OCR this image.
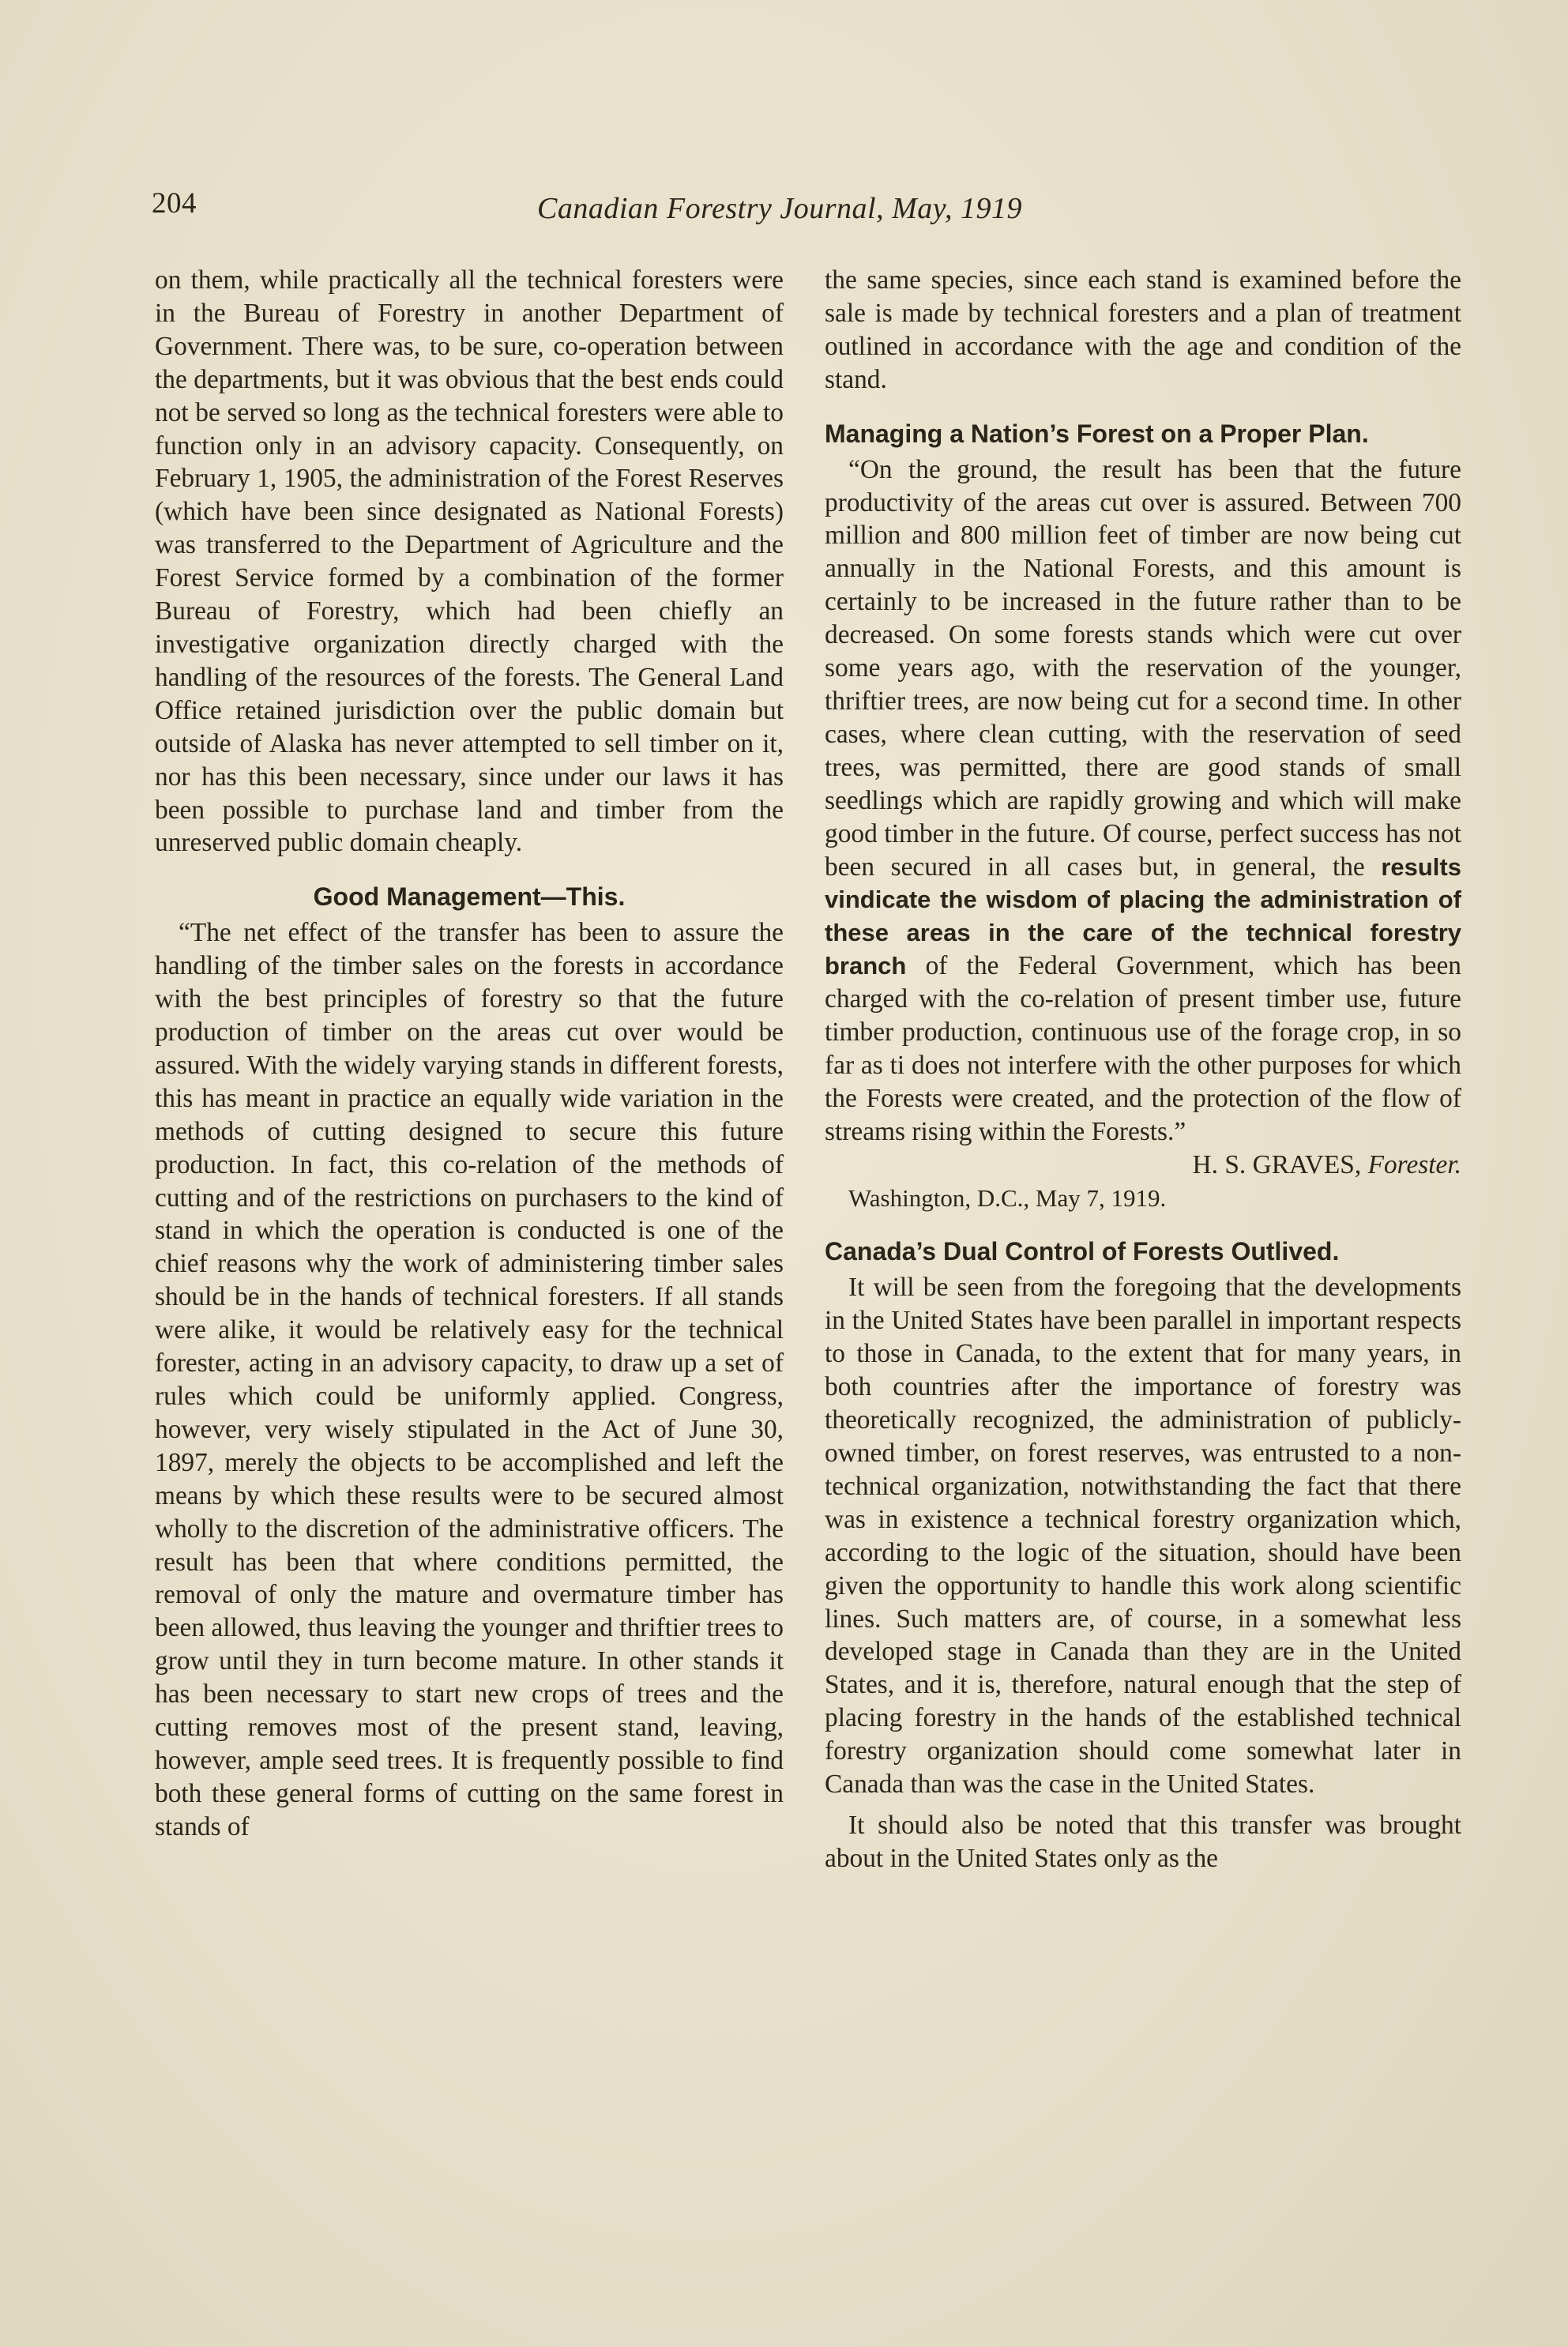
204	Canadian Forestry Journal, May, 1919

on them, while practically all the technical foresters were in the Bureau of Forestry in another Department of Government. There was, to be sure, co-operation between the departments, but it was obvious that the best ends could not be served so long as the technical foresters were able to function only in an advisory capacity. Consequently, on February 1, 1905, the administration of the Forest Reserves (which have been since designated as National Forests) was transferred to the Department of Agriculture and the Forest Service formed by a combination of the former Bureau of Forestry, which had been chiefly an investigative organization directly charged with the handling of the resources of the forests. The General Land Office retained jurisdiction over the public domain but outside of Alaska has never attempted to sell timber on it, nor has this been necessary, since under our laws it has been possible to purchase land and timber from the unreserved public domain cheaply.

Good Management—This.

“The net effect of the transfer has been to assure the handling of the timber sales on the forests in accordance with the best principles of forestry so that the future production of timber on the areas cut over would be assured. With the widely varying stands in different forests, this has meant in practice an equally wide variation in the methods of cutting designed to secure this future production. In fact, this co-relation of the methods of cutting and of the restrictions on purchasers to the kind of stand in which the operation is conducted is one of the chief reasons why the work of administering timber sales should be in the hands of technical foresters. If all stands were alike, it would be relatively easy for the technical forester, acting in an advisory capacity, to draw up a set of rules which could be uniformly applied. Congress, however, very wisely stipulated in the Act of June 30, 1897, merely the objects to be accomplished and left the means by which these results were to be secured almost wholly to the discretion of the administrative officers. The result has been that where conditions permitted, the removal of only the mature and overmature timber has been allowed, thus leaving the younger and thriftier trees to grow until they in turn become mature. In other stands it has been necessary to start new crops of trees and the cutting removes most of the present stand, leaving, however, ample seed trees. It is frequently possible to find both these general forms of cutting on the same forest in stands of

the same species, since each stand is examined before the sale is made by technical foresters and a plan of treatment outlined in accordance with the age and condition of the stand.

Managing a Nation’s Forest on a Proper Plan.

“On the ground, the result has been that the future productivity of the areas cut over is assured. Between 700 million and 800 million feet of timber are now being cut annually in the National Forests, and this amount is certainly to be increased in the future rather than to be decreased. On some forests stands which were cut over some years ago, with the reservation of the younger, thriftier trees, are now being cut for a second time. In other cases, where clean cutting, with the reservation of seed trees, was permitted, there are good stands of small seedlings which are rapidly growing and which will make good timber in the future. Of course, perfect success has not been secured in all cases but, in general, the results vindicate the wisdom of placing the administration of these areas in the care of the technical forestry branch of the Federal Government, which has been charged with the co-relation of present timber use, future timber production, continuous use of the forage crop, in so far as ti does not interfere with the other purposes for which the Forests were created, and the protection of the flow of streams rising within the Forests.”

H. S. GRAVES, Forester.

Washington, D.C., May 7, 1919.

Canada’s Dual Control of Forests Outlived.

It will be seen from the foregoing that the developments in the United States have been parallel in important respects to those in Canada, to the extent that for many years, in both countries after the importance of forestry was theoretically recognized, the administration of publicly-owned timber, on forest reserves, was entrusted to a non-technical organization, notwithstanding the fact that there was in existence a technical forestry organization which, according to the logic of the situation, should have been given the opportunity to handle this work along scientific lines. Such matters are, of course, in a somewhat less developed stage in Canada than they are in the United States, and it is, therefore, natural enough that the step of placing forestry in the hands of the established technical forestry organization should come somewhat later in Canada than was the case in the United States.

It should also be noted that this transfer was brought about in the United States only as the
